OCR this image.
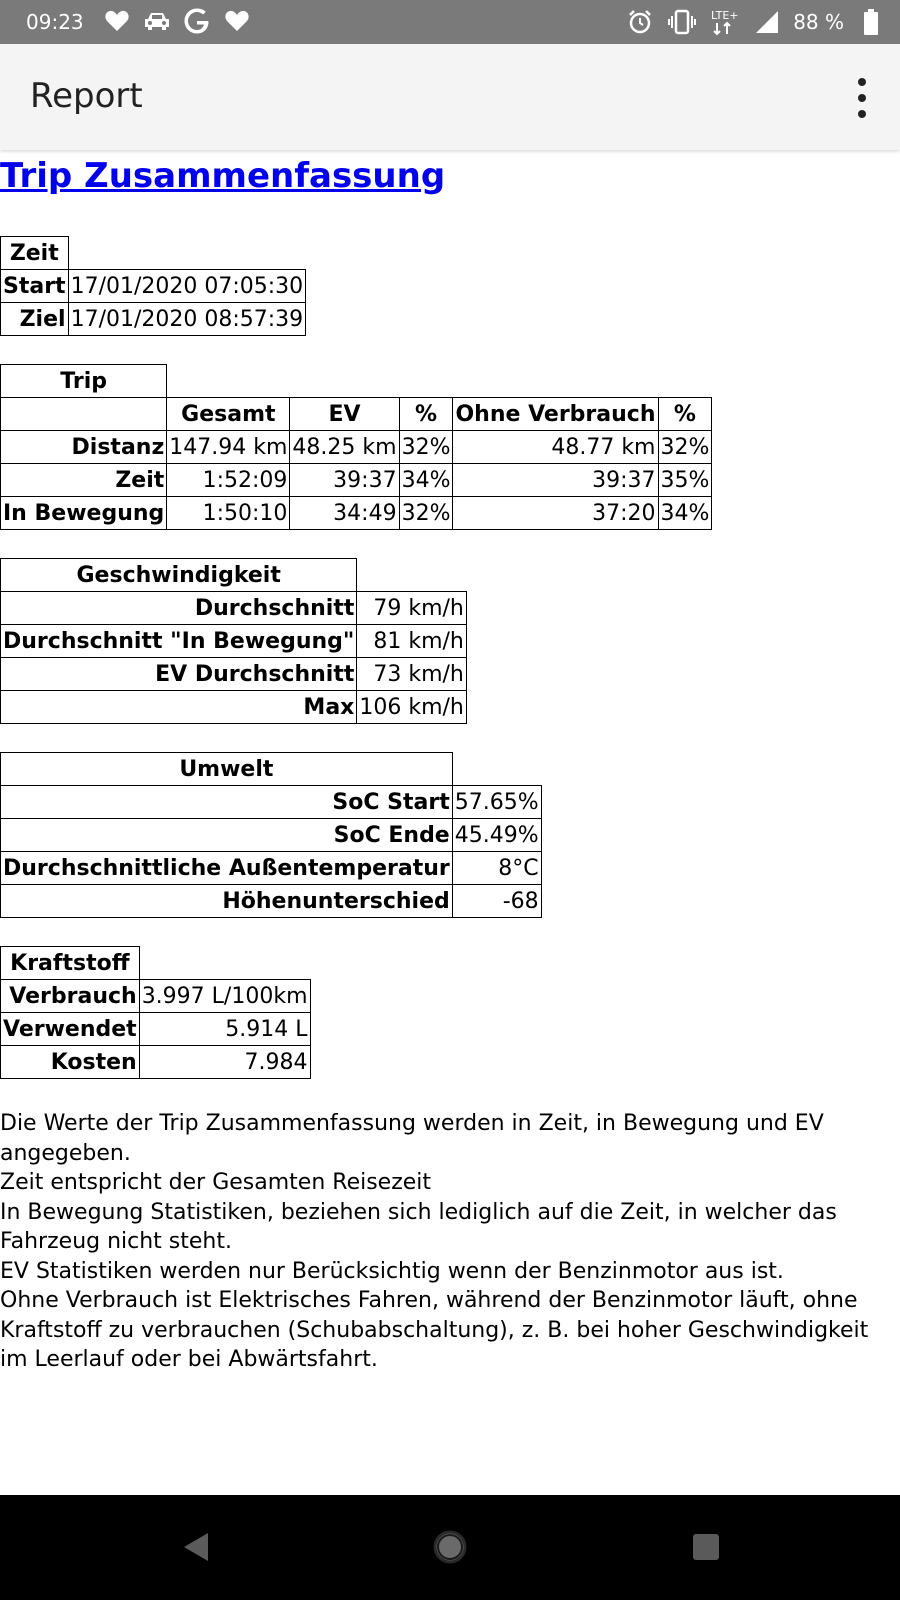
09:23	LTE+	88 %
Report
Trip Zusammenfassung
Zeit	
Start	17/01/2020 07:05:30
Ziel	17/01/2020 08:57:39
Trip					
	Gesamt	EV	%	Ohne Verbrauch	%
Distanz	147.94 km	48.25 km	32%	48.77 km	32%
Zeit	1:52:09	39:37	34%	39:37	35%
In Bewegung	1:50:10	34:49	32%	37:20	34%
Geschwindigkeit	
Durchschnitt	79 km/h
Durchschnitt "In Bewegung"	81 km/h
EV Durchschnitt	73 km/h
Max	106 km/h
Umwelt	
SoC Start	57.65%
SoC Ende	45.49%
Durchschnittliche Außentemperatur	8°C
Höhenunterschied	-68
Kraftstoff	
Verbrauch	3.997 L/100km
Verwendet	5.914 L
Kosten	7.984

Die Werte der Trip Zusammenfassung werden in Zeit, in Bewegung und EV angegeben.

Zeit entspricht der Gesamten Reisezeit

In Bewegung Statistiken, beziehen sich lediglich auf die Zeit, in welcher das Fahrzeug nicht steht.

EV Statistiken werden nur Berücksichtig wenn der Benzinmotor aus ist.

Ohne Verbrauch ist Elektrisches Fahren, während der Benzinmotor läuft, ohne Kraftstoff zu verbrauchen (Schubabschaltung), z. B. bei hoher Geschwindigkeit im Leerlauf oder bei Abwärtsfahrt.
